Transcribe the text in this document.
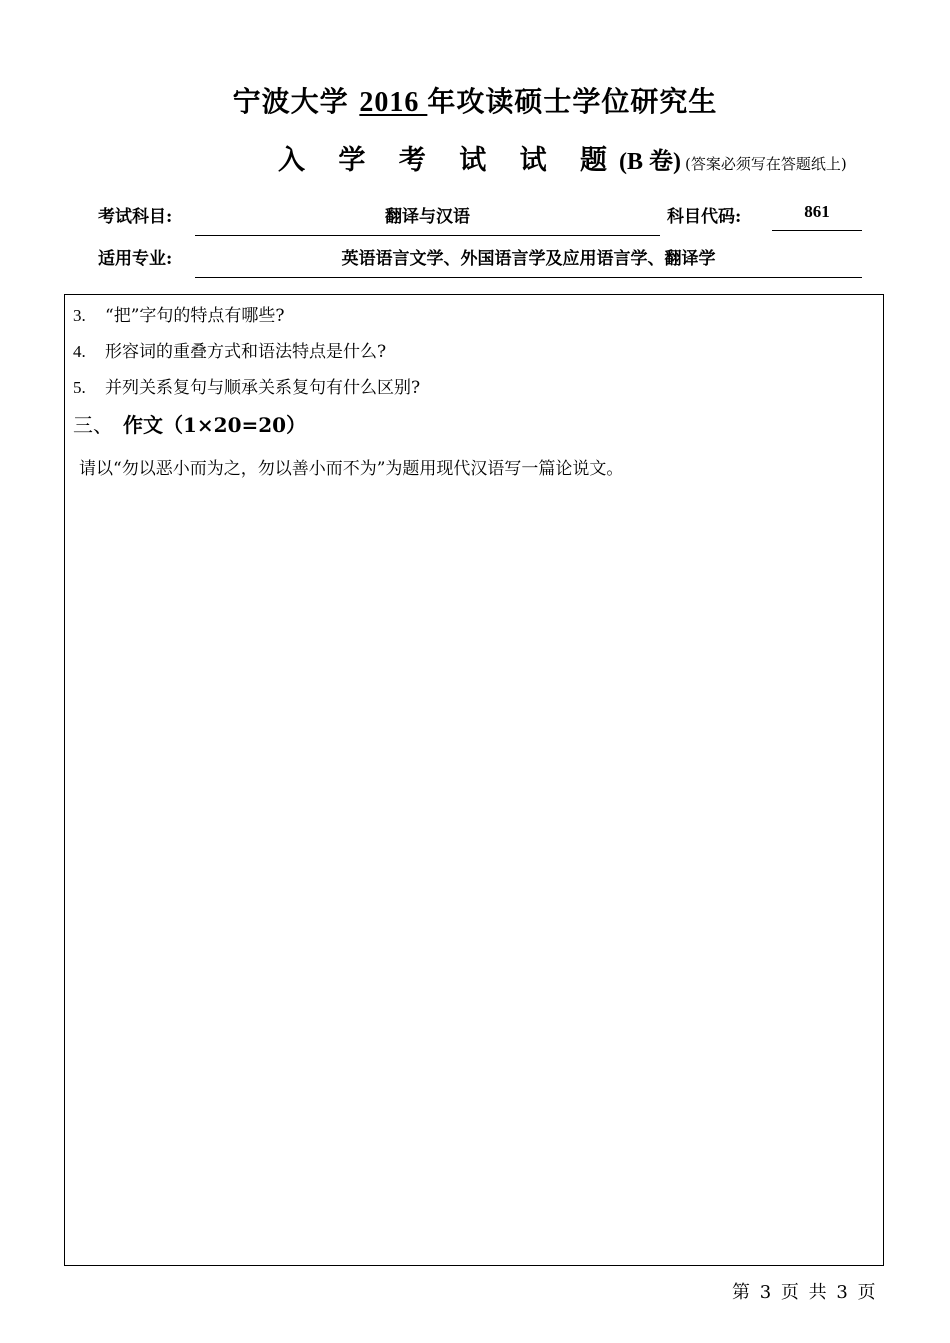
宁波大学 2016 年攻读硕士学位研究生
入 学 考 试 试 题(B 卷) (答案必须写在答题纸上)
考试科目:	翻译与汉语	科目代码:	861
适用专业:	英语语言文学、外国语言学及应用语言学、翻译学
3. “把”字句的特点有哪些?
4. 形容词的重叠方式和语法特点是什么?
5. 并列关系复句与顺承关系复句有什么区别?
三、 作文（1×20=20）
请以“勿以恶小而为之，勿以善小而不为”为题用现代汉语写一篇论说文。
第 3 页 共 3 页
